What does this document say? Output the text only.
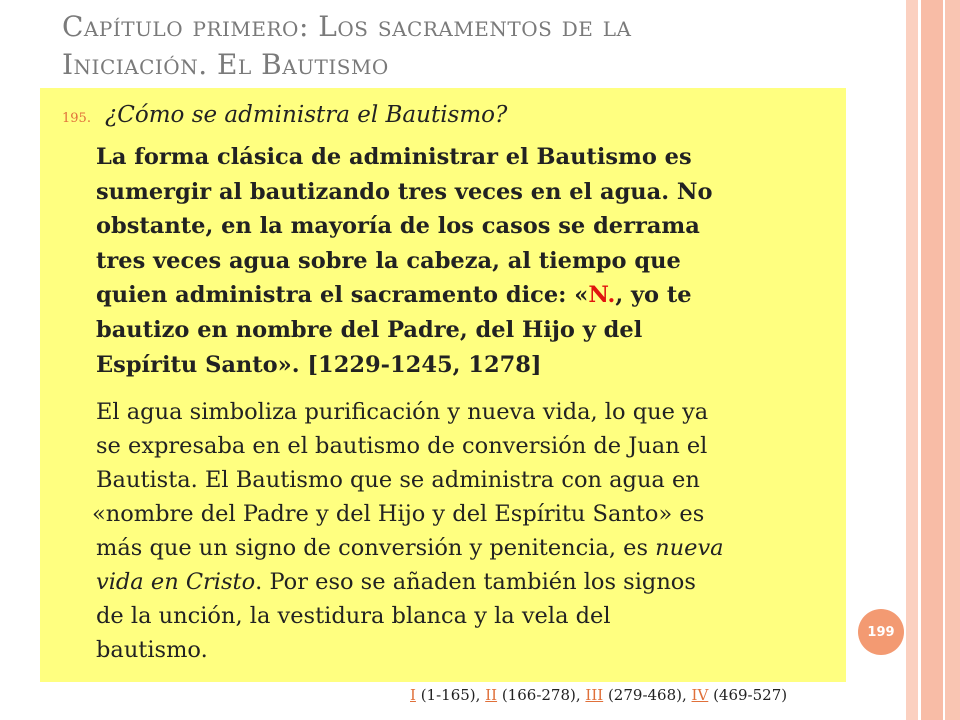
Capítulo primero: Los sacramentos de la
Iniciación. El Bautismo
195. ¿Cómo se administra el Bautismo?
La forma clásica de administrar el Bautismo es
sumergir al bautizando tres veces en el agua. No
obstante, en la mayoría de los casos se derrama
tres veces agua sobre la cabeza, al tiempo que
quien administra el sacramento dice: «N., yo te
bautizo en nombre del Padre, del Hijo y del
Espíritu Santo». [1229-1245, 1278]
El agua simboliza purificación y nueva vida, lo que ya
se expresaba en el bautismo de conversión de Juan el
Bautista. El Bautismo que se administra con agua en
«nombre del Padre y del Hijo y del Espíritu Santo» es
más que un signo de conversión y penitencia, es nueva
vida en Cristo. Por eso se añaden también los signos
de la unción, la vestidura blanca y la vela del
bautismo.
199
I (1-165), II (166-278), III (279-468), IV (469-527)
